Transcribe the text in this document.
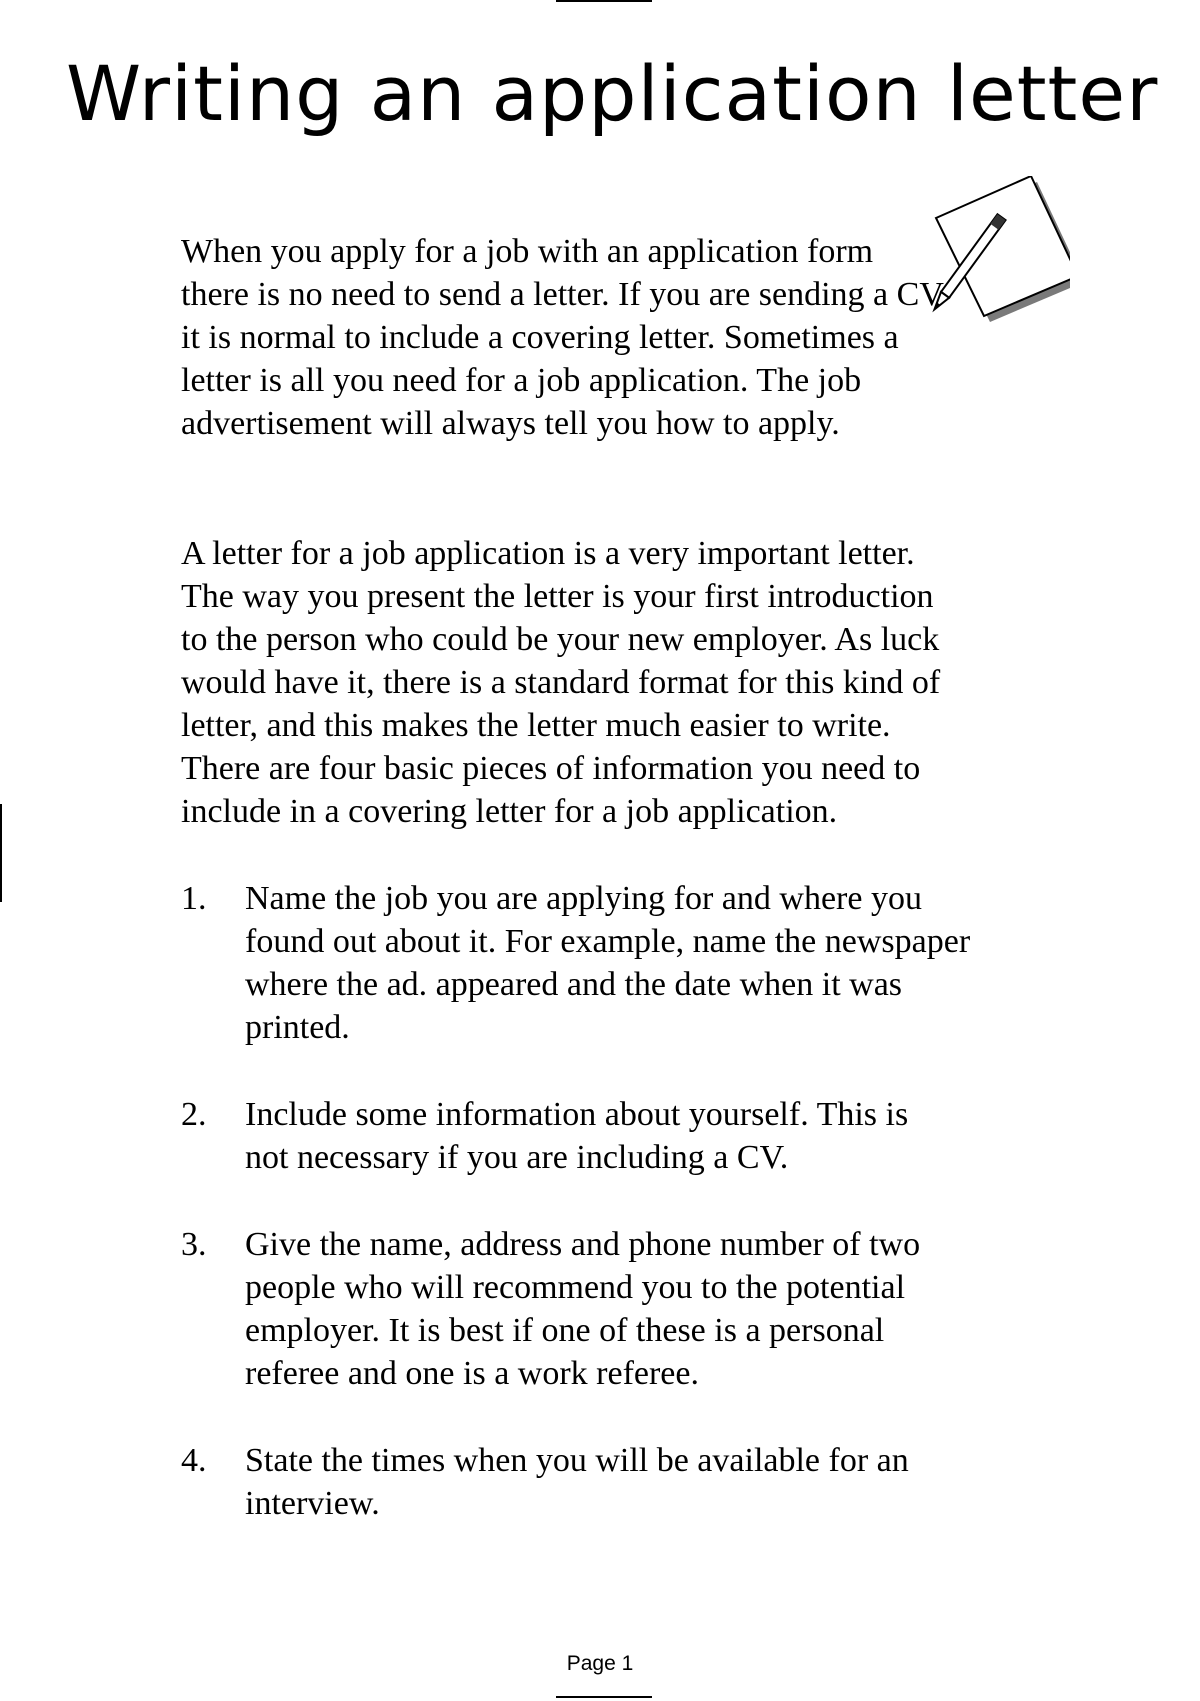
Writing an application letter

When you apply for a job with an application form
there is no need to send a letter. If you are sending a CV
it is normal to include a covering letter. Sometimes a
letter is all you need for a job application. The job
advertisement will always tell you how to apply.

A letter for a job application is a very important letter.
The way you present the letter is your first introduction
to the person who could be your new employer. As luck
would have it, there is a standard format for this kind of
letter, and this makes the letter much easier to write.
There are four basic pieces of information you need to
include in a covering letter for a job application.

1.	Name the job you are applying for and where you
found out about it. For example, name the newspaper
where the ad. appeared and the date when it was
printed.
2.	Include some information about yourself. This is
not necessary if you are including a CV.
3.	Give the name, address and phone number of two
people who will recommend you to the potential
employer. It is best if one of these is a personal
referee and one is a work referee.
4.	State the times when you will be available for an
interview.
Page 1
